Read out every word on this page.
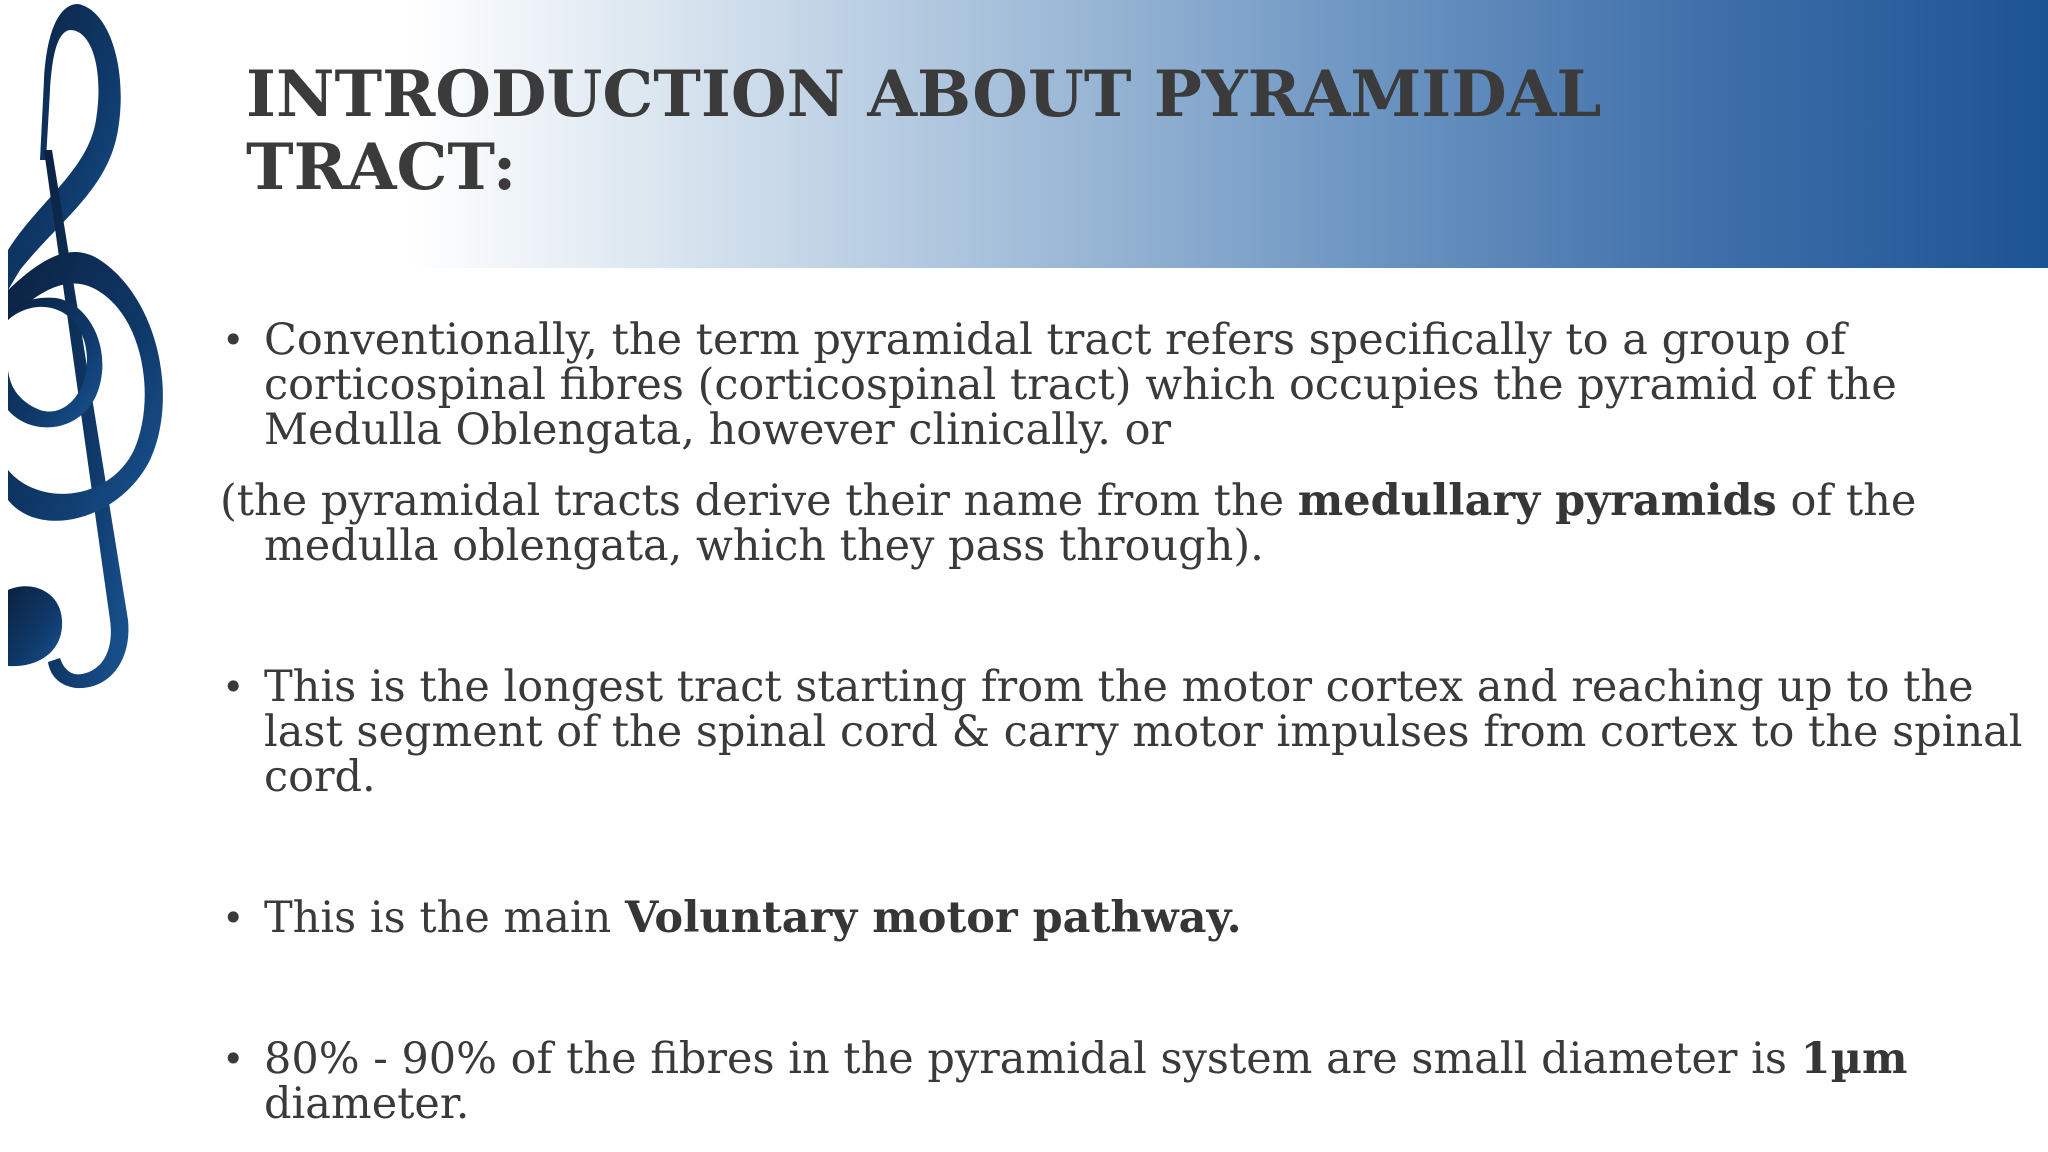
INTRODUCTION ABOUT PYRAMIDAL TRACT:
• Conventionally, the term pyramidal tract refers specifically to a group of corticospinal fibres (corticospinal tract) which occupies the pyramid of the Medulla Oblengata, however clinically. or
(the pyramidal tracts derive their name from the medullary pyramids of the medulla oblengata, which they pass through).
• This is the longest tract starting from the motor cortex and reaching up to the last segment of the spinal cord & carry motor impulses from cortex to the spinal cord.
• This is the main Voluntary motor pathway.
• 80% - 90% of the fibres in the pyramidal system are small diameter is 1µm diameter.
